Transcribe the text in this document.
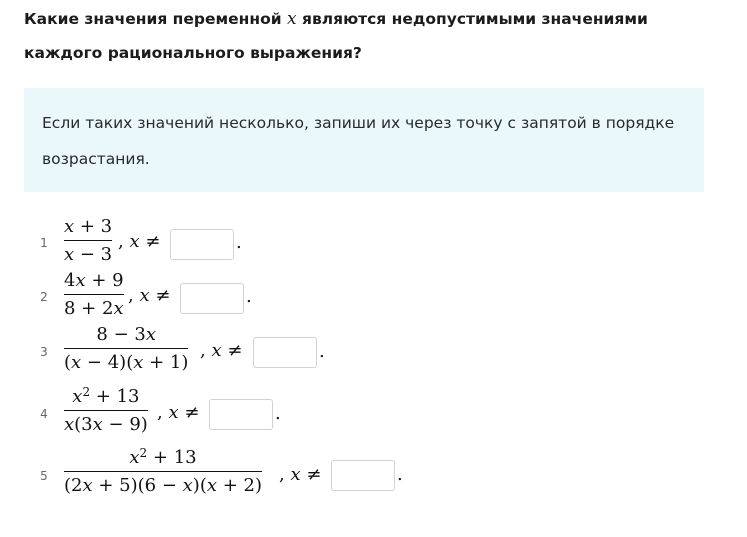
Какие значения переменной x являются недопустимыми значениями каждого рационального выражения?
Если таких значений несколько, запиши их через точку с запятой в порядке возрастания.
1
x + 3
x − 3
, x ≠	.
2
4x + 9
8 + 2x
, x ≠	.
3
8 − 3x
(x − 4)(x + 1)
, x ≠	.
4
$x^2 + 13$
x(3x − 9)
, x ≠	.
5
$x^2 + 13$
(2x + 5)(6 − x)(x + 2)
, x ≠	.
